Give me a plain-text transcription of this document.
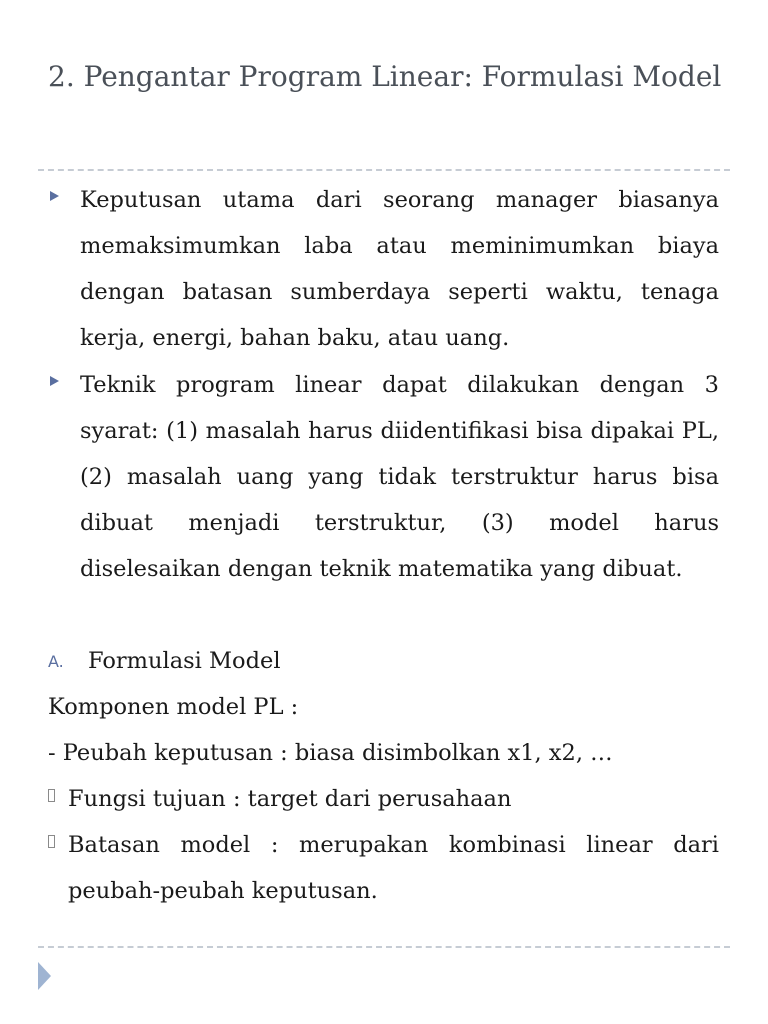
2. Pengantar Program Linear: Formulasi Model
Keputusan utama dari seorang manager biasanya memaksimumkan laba atau meminimumkan biaya dengan batasan sumberdaya seperti waktu, tenaga kerja, energi, bahan baku, atau uang.
Teknik program linear dapat dilakukan dengan 3 syarat: (1) masalah harus diidentifikasi bisa dipakai PL, (2) masalah uang yang tidak terstruktur harus bisa dibuat menjadi terstruktur, (3) model harus diselesaikan dengan teknik matematika yang dibuat.
A. Formulasi Model
Komponen model PL :
- Peubah keputusan : biasa disimbolkan x1, x2, …
Fungsi tujuan : target dari perusahaan
Batasan model : merupakan kombinasi linear dari peubah-peubah keputusan.
